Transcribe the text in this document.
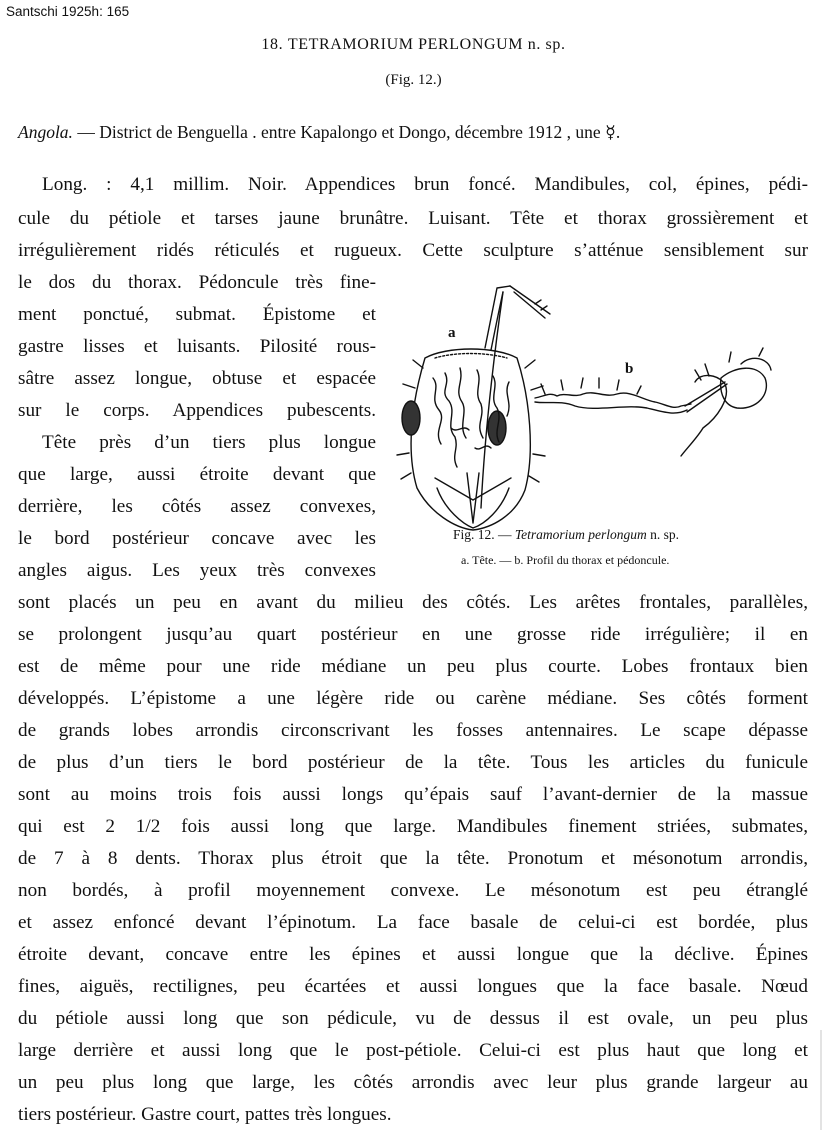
Santschi 1925h: 165
18. TETRAMORIUM PERLONGUM n. sp.
(Fig. 12.)
Angola. — District de Benguella . entre Kapalongo et Dongo, décembre 1912 , une ☿.
Long. : 4,1 millim. Noir. Appendices brun foncé. Mandibules, col, épines, pédi-
cule du pétiole et tarses jaune brunâtre. Luisant. Tête et thorax grossièrement et
irrégulièrement ridés réticulés et rugueux. Cette sculpture s’atténue sensiblement sur
le dos du thorax. Pédoncule très fine-
ment ponctué, submat. Épistome et
gastre lisses et luisants. Pilosité rous-
sâtre assez longue, obtuse et espacée
sur le corps. Appendices pubescents.
Tête près d’un tiers plus longue
que large, aussi étroite devant que
derrière, les côtés assez convexes,
le bord postérieur concave avec les
angles aigus. Les yeux très convexes
sont placés un peu en avant du milieu des côtés. Les arêtes frontales, parallèles,
se prolongent jusqu’au quart postérieur en une grosse ride irrégulière; il en
est de même pour une ride médiane un peu plus courte. Lobes frontaux bien
développés. L’épistome a une légère ride ou carène médiane. Ses côtés forment
de grands lobes arrondis circonscrivant les fosses antennaires. Le scape dépasse
de plus d’un tiers le bord postérieur de la tête. Tous les articles du funicule
sont au moins trois fois aussi longs qu’épais sauf l’avant-dernier de la massue
qui est 2 1/2 fois aussi long que large. Mandibules finement striées, submates,
de 7 à 8 dents. Thorax plus étroit que la tête. Pronotum et mésonotum arrondis,
non bordés, à profil moyennement convexe. Le mésonotum est peu étranglé
et assez enfoncé devant l’épinotum. La face basale de celui-ci est bordée, plus
étroite devant, concave entre les épines et aussi longue que la déclive. Épines
fines, aiguës, rectilignes, peu écartées et aussi longues que la face basale. Nœud
du pétiole aussi long que son pédicule, vu de dessus il est ovale, un peu plus
large derrière et aussi long que le post-pétiole. Celui-ci est plus haut que long et
un peu plus long que large, les côtés arrondis avec leur plus grande largeur au
tiers postérieur. Gastre court, pattes très longues.
a
b
Fig. 12. — Tetramorium perlongum n. sp.
a. Tête. — b. Profil du thorax et pédoncule.
